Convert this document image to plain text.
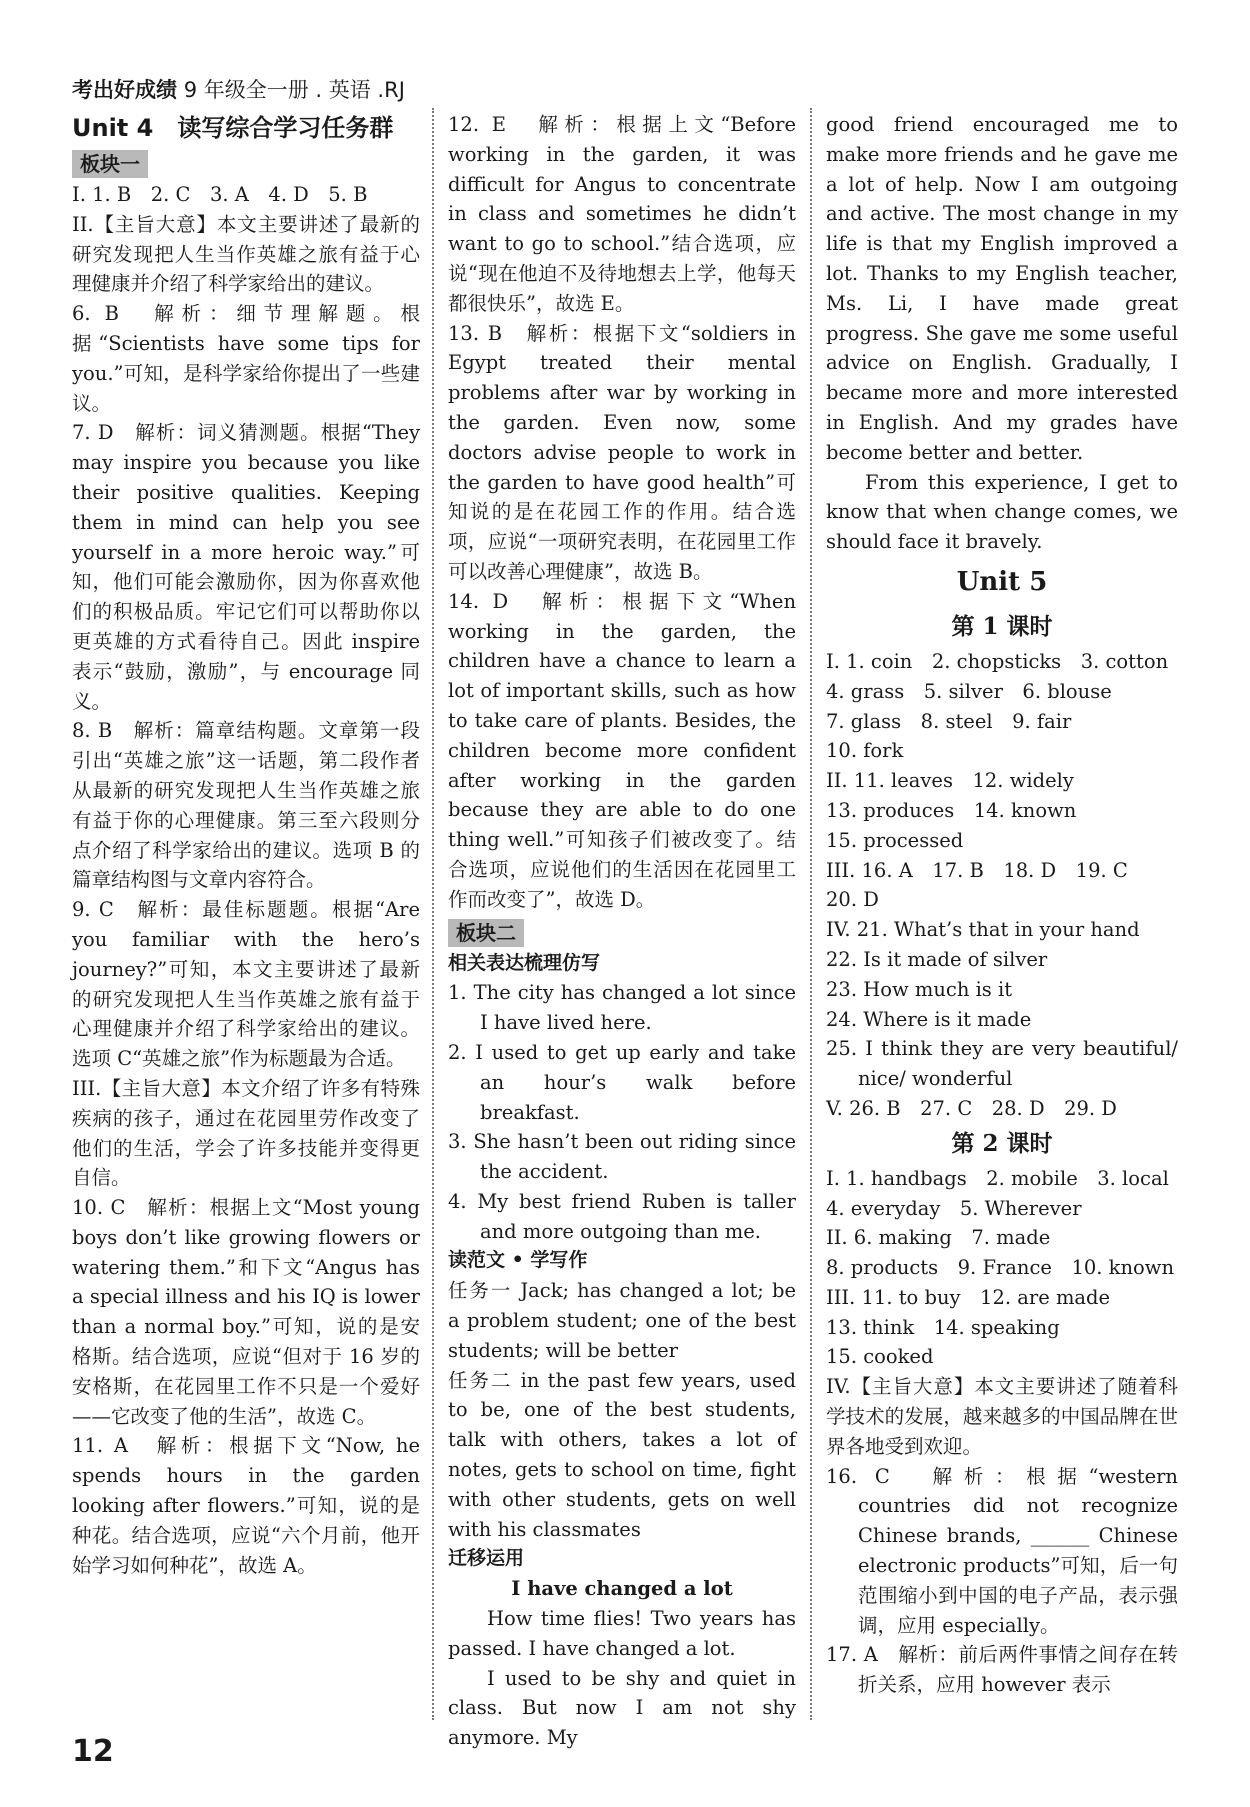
考出好成绩 9 年级全一册 . 英语 .RJ

Unit 4　读写综合学习任务群

板块一

I. 1. B　2. C　3. A　4. D　5. B

II.【主旨大意】本文主要讲述了最新的研究发现把人生当作英雄之旅有益于心理健康并介绍了科学家给出的建议。

6. B　解析：细节理解题。根据“Scientists have some tips for you.”可知，是科学家给你提出了一些建议。

7. D　解析：词义猜测题。根据“They may inspire you because you like their positive qualities. Keeping them in mind can help you see yourself in a more heroic way.”可知，他们可能会激励你，因为你喜欢他们的积极品质。牢记它们可以帮助你以更英雄的方式看待自己。因此 inspire 表示“鼓励，激励”，与 encourage 同义。

8. B　解析：篇章结构题。文章第一段引出“英雄之旅”这一话题，第二段作者从最新的研究发现把人生当作英雄之旅有益于你的心理健康。第三至六段则分点介绍了科学家给出的建议。选项 B 的篇章结构图与文章内容符合。

9. C　解析：最佳标题题。根据“Are you familiar with the hero’s journey?”可知，本文主要讲述了最新的研究发现把人生当作英雄之旅有益于心理健康并介绍了科学家给出的建议。选项 C“英雄之旅”作为标题最为合适。

III.【主旨大意】本文介绍了许多有特殊疾病的孩子，通过在花园里劳作改变了他们的生活，学会了许多技能并变得更自信。

10. C　解析：根据上文“Most young boys don’t like growing flowers or watering them.”和下文“Angus has a special illness and his IQ is lower than a normal boy.”可知，说的是安格斯。结合选项，应说“但对于 16 岁的安格斯，在花园里工作不只是一个爱好——它改变了他的生活”，故选 C。

11. A　解析：根据下文“Now, he spends hours in the garden looking after flowers.”可知，说的是种花。结合选项，应说“六个月前，他开始学习如何种花”，故选 A。

12. E　解析：根据上文“Before working in the garden, it was difficult for Angus to concentrate in class and sometimes he didn’t want to go to school.”结合选项，应说“现在他迫不及待地想去上学，他每天都很快乐”，故选 E。

13. B　解析：根据下文“soldiers in Egypt treated their mental problems after war by working in the garden. Even now, some doctors advise people to work in the garden to have good health”可知说的是在花园工作的作用。结合选项，应说“一项研究表明，在花园里工作可以改善心理健康”，故选 B。

14. D　解析：根据下文“When working in the garden, the children have a chance to learn a lot of important skills, such as how to take care of plants. Besides, the children become more confident after working in the garden because they are able to do one thing well.”可知孩子们被改变了。结合选项，应说他们的生活因在花园里工作而改变了”，故选 D。

板块二

相关表达梳理仿写

1. The city has changed a lot since I have lived here.

2. I used to get up early and take an hour’s walk before breakfast.

3. She hasn’t been out riding since the accident.

4. My best friend Ruben is taller and more outgoing than me.

读范文 • 学写作

任务一 Jack; has changed a lot; be a problem student; one of the best students; will be better

任务二 in the past few years, used to be, one of the best students, talk with others, takes a lot of notes, gets to school on time, fight with other students, gets on well with his classmates

迁移运用

I have changed a lot

How time flies! Two years has passed. I have changed a lot.

I used to be shy and quiet in class. But now I am not shy anymore. My

good friend encouraged me to make more friends and he gave me a lot of help. Now I am outgoing and active. The most change in my life is that my English improved a lot. Thanks to my English teacher, Ms. Li, I have made great progress. She gave me some useful advice on English. Gradually, I became more and more interested in English. And my grades have become better and better.

From this experience, I get to know that when change comes, we should face it bravely.

Unit 5

第 1 课时

I. 1. coin　2. chopsticks　3. cotton

4. grass　5. silver　6. blouse

7. glass　8. steel　9. fair

10. fork

II. 11. leaves　12. widely

13. produces　14. known

15. processed

III. 16. A　17. B　18. D　19. C

20. D

IV. 21. What’s that in your hand

22. Is it made of silver

23. How much is it

24. Where is it made

25. I think they are very beautiful/ nice/ wonderful

V. 26. B　27. C　28. D　29. D

第 2 课时

I. 1. handbags　2. mobile　3. local

4. everyday　5. Wherever

II. 6. making　7. made

8. products　9. France　10. known

III. 11. to buy　12. are made

13. think　14. speaking

15. cooked

IV.【主旨大意】本文主要讲述了随着科学技术的发展，越来越多的中国品牌在世界各地受到欢迎。

16. C　解析：根据“western countries did not recognize Chinese brands, ______ Chinese electronic products”可知，后一句范围缩小到中国的电子产品，表示强调，应用 especially。

17. A　解析：前后两件事情之间存在转折关系，应用 however 表示

12
